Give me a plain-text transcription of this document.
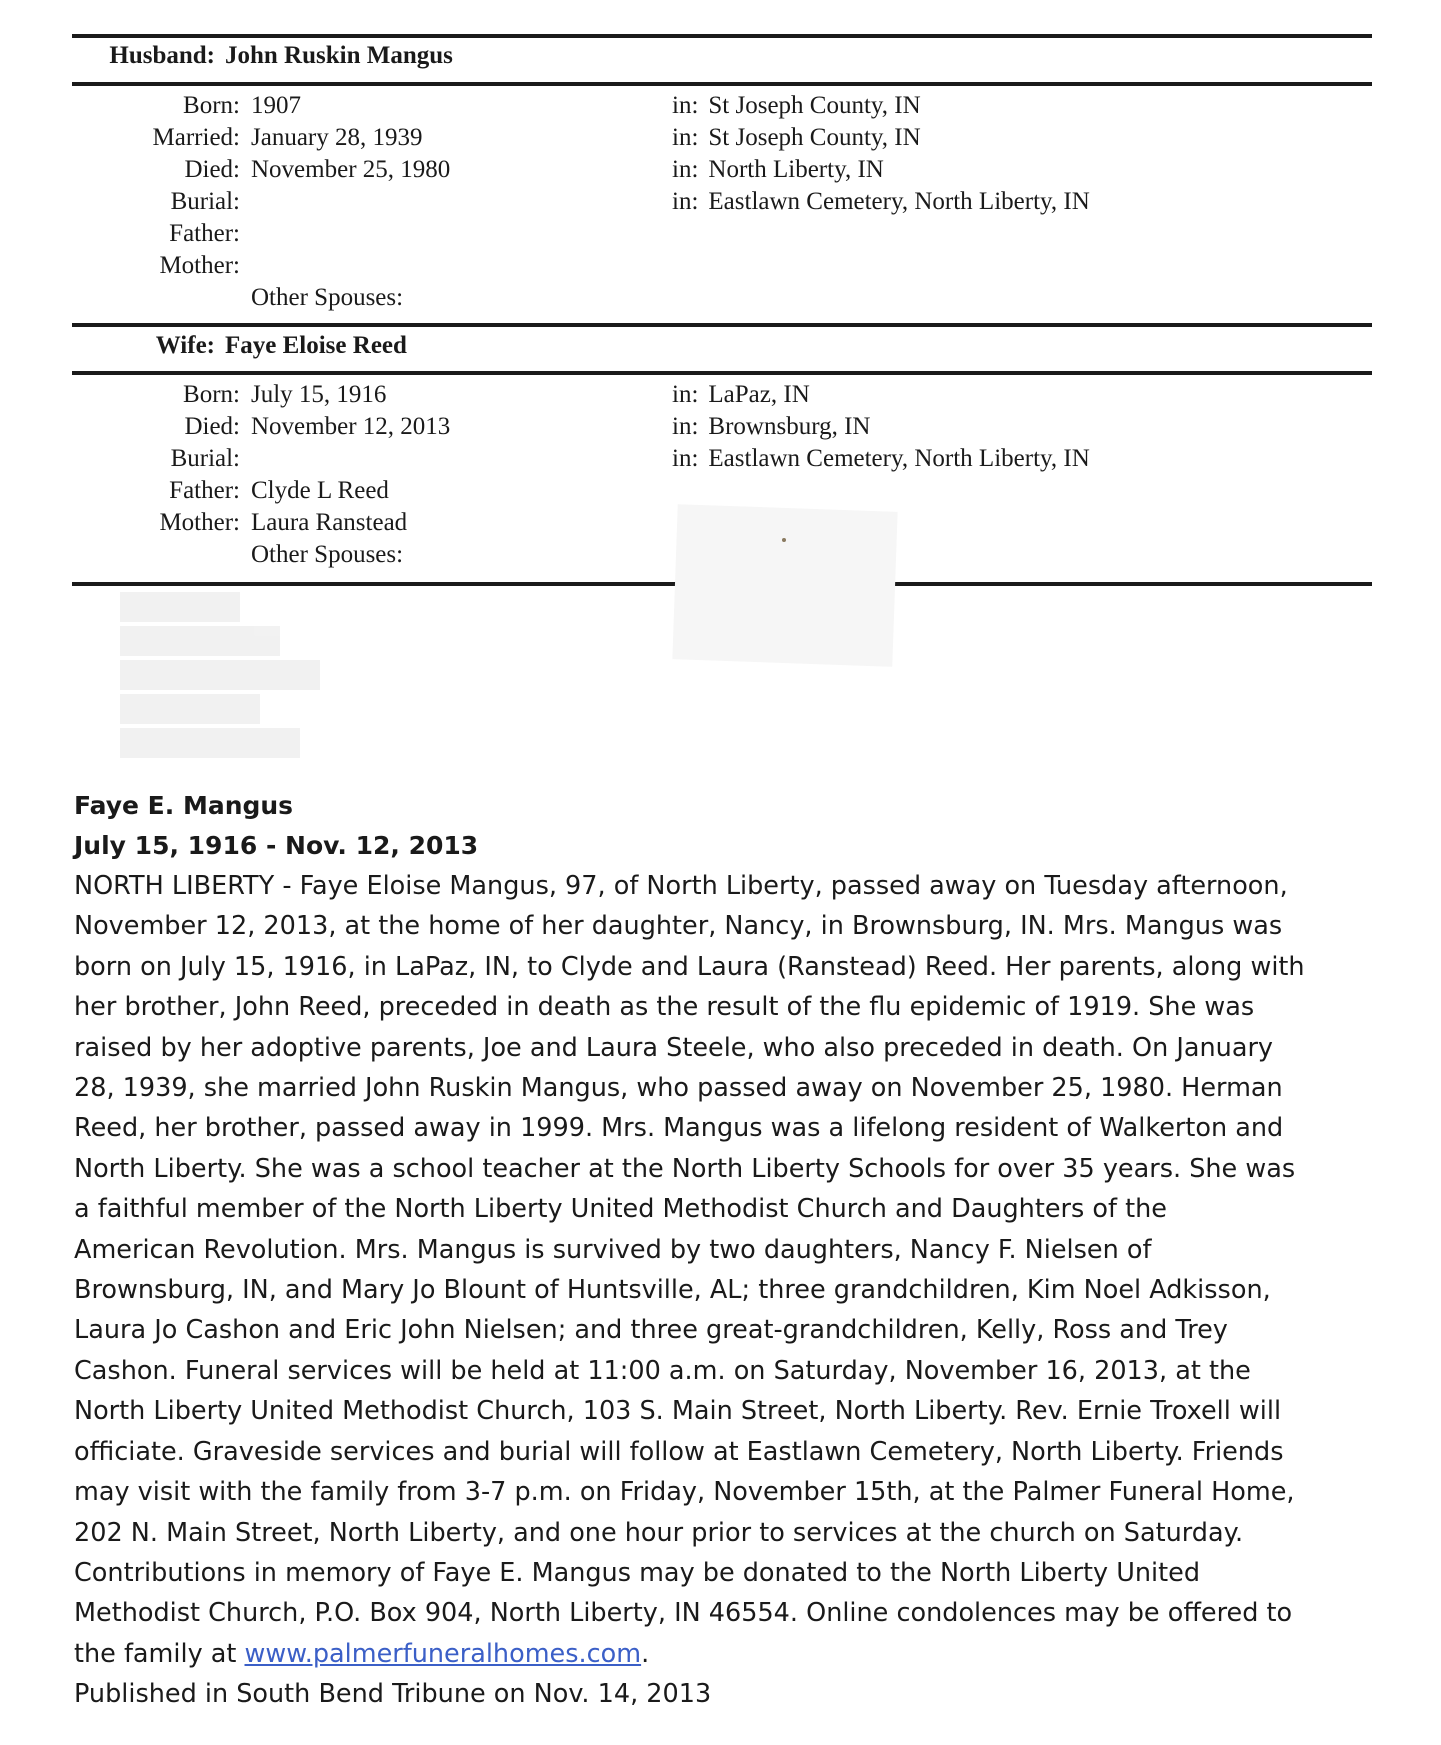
Husband: John Ruskin Mangus
Born: 1907	in: St Joseph County, IN
Married: January 28, 1939	in: St Joseph County, IN
Died: November 25, 1980	in: North Liberty, IN
Burial:	in: Eastlawn Cemetery, North Liberty, IN
Father:
Mother:
Other Spouses:
Wife: Faye Eloise Reed
Born: July 15, 1916	in: LaPaz, IN
Died: November 12, 2013	in: Brownsburg, IN
Burial:	in: Eastlawn Cemetery, North Liberty, IN
Father: Clyde L Reed
Mother: Laura Ranstead
Other Spouses:
Faye E. Mangus
July 15, 1916 - Nov. 12, 2013
NORTH LIBERTY - Faye Eloise Mangus, 97, of North Liberty, passed away on Tuesday afternoon,
November 12, 2013, at the home of her daughter, Nancy, in Brownsburg, IN. Mrs. Mangus was
born on July 15, 1916, in LaPaz, IN, to Clyde and Laura (Ranstead) Reed. Her parents, along with
her brother, John Reed, preceded in death as the result of the flu epidemic of 1919. She was
raised by her adoptive parents, Joe and Laura Steele, who also preceded in death. On January
28, 1939, she married John Ruskin Mangus, who passed away on November 25, 1980. Herman
Reed, her brother, passed away in 1999. Mrs. Mangus was a lifelong resident of Walkerton and
North Liberty. She was a school teacher at the North Liberty Schools for over 35 years. She was
a faithful member of the North Liberty United Methodist Church and Daughters of the
American Revolution. Mrs. Mangus is survived by two daughters, Nancy F. Nielsen of
Brownsburg, IN, and Mary Jo Blount of Huntsville, AL; three grandchildren, Kim Noel Adkisson,
Laura Jo Cashon and Eric John Nielsen; and three great-grandchildren, Kelly, Ross and Trey
Cashon. Funeral services will be held at 11:00 a.m. on Saturday, November 16, 2013, at the
North Liberty United Methodist Church, 103 S. Main Street, North Liberty. Rev. Ernie Troxell will
officiate. Graveside services and burial will follow at Eastlawn Cemetery, North Liberty. Friends
may visit with the family from 3-7 p.m. on Friday, November 15th, at the Palmer Funeral Home,
202 N. Main Street, North Liberty, and one hour prior to services at the church on Saturday.
Contributions in memory of Faye E. Mangus may be donated to the North Liberty United
Methodist Church, P.O. Box 904, North Liberty, IN 46554. Online condolences may be offered to
the family at www.palmerfuneralhomes.com.
Published in South Bend Tribune on Nov. 14, 2013
